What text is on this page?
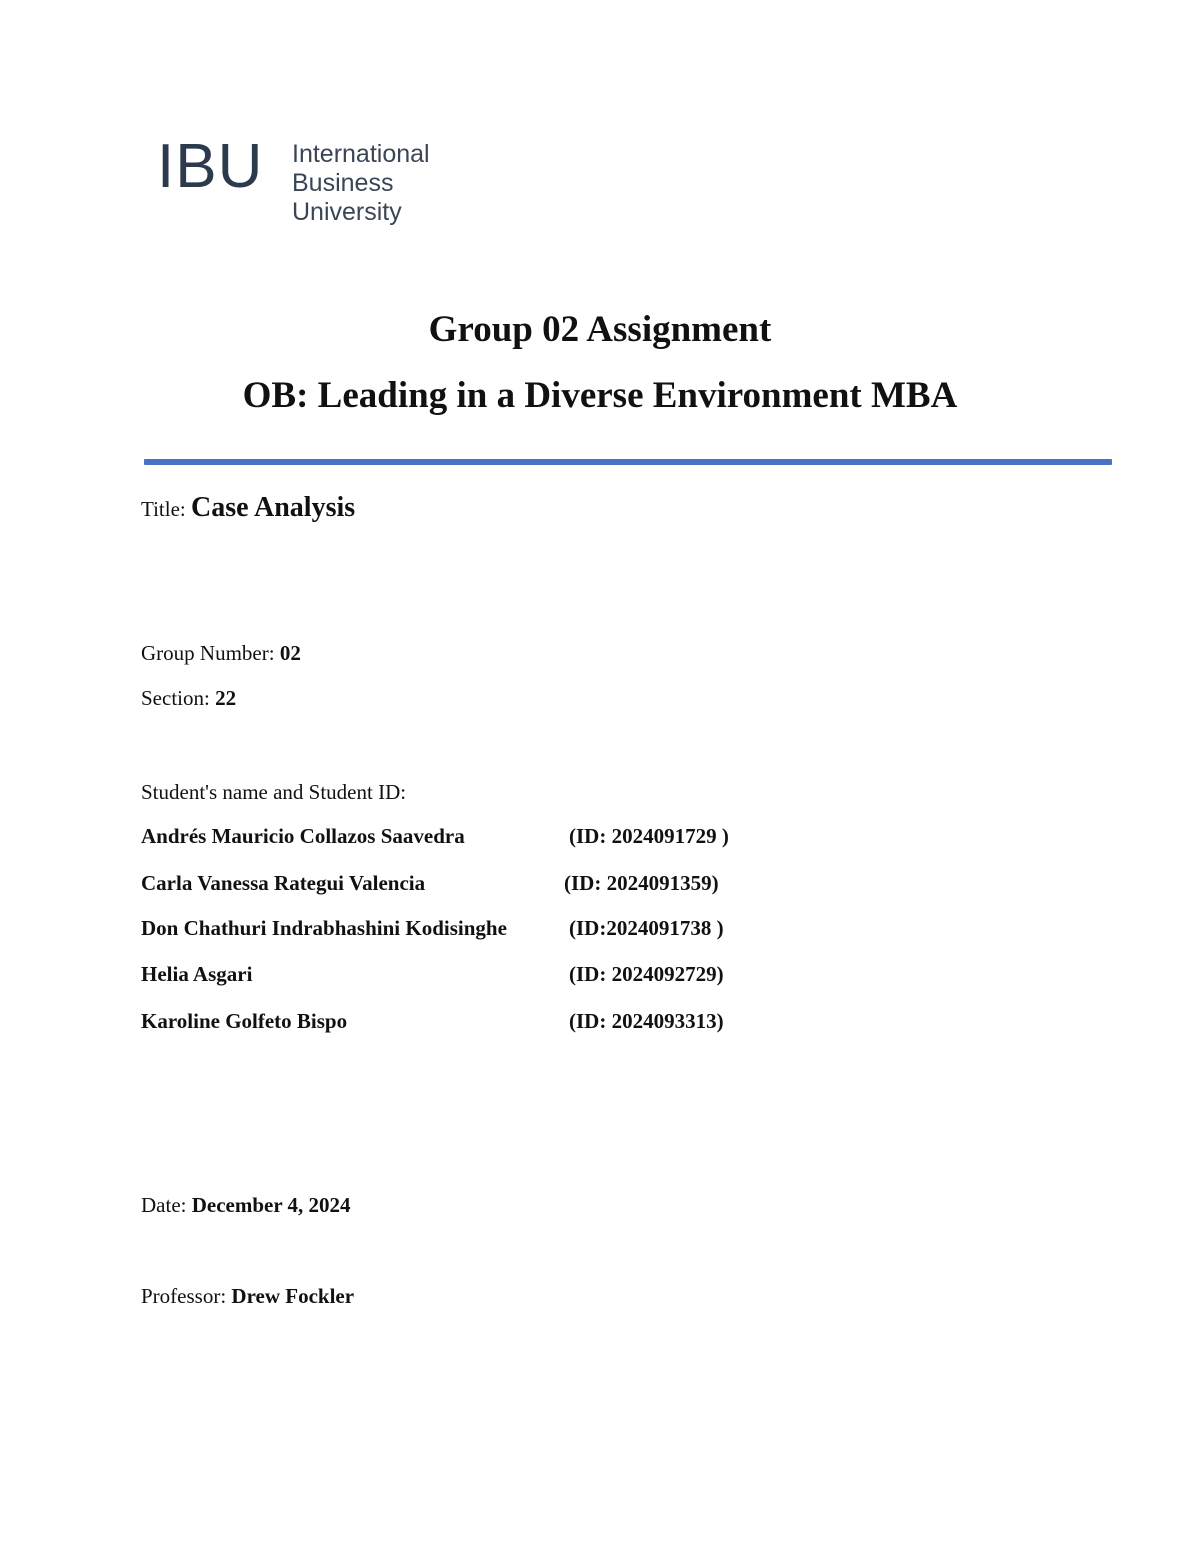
IBU International
Business
University
Group 02 Assignment
OB: Leading in a Diverse Environment MBA
Title: Case Analysis
Group Number: 02
Section: 22
Student's name and Student ID:
Andrés Mauricio Collazos Saavedra	(ID: 2024091729 )
Carla Vanessa Rategui Valencia	(ID: 2024091359)
Don Chathuri Indrabhashini Kodisinghe	(ID:2024091738 )
Helia Asgari	(ID: 2024092729)
Karoline Golfeto Bispo	(ID: 2024093313)
Date: December 4, 2024
Professor: Drew Fockler
